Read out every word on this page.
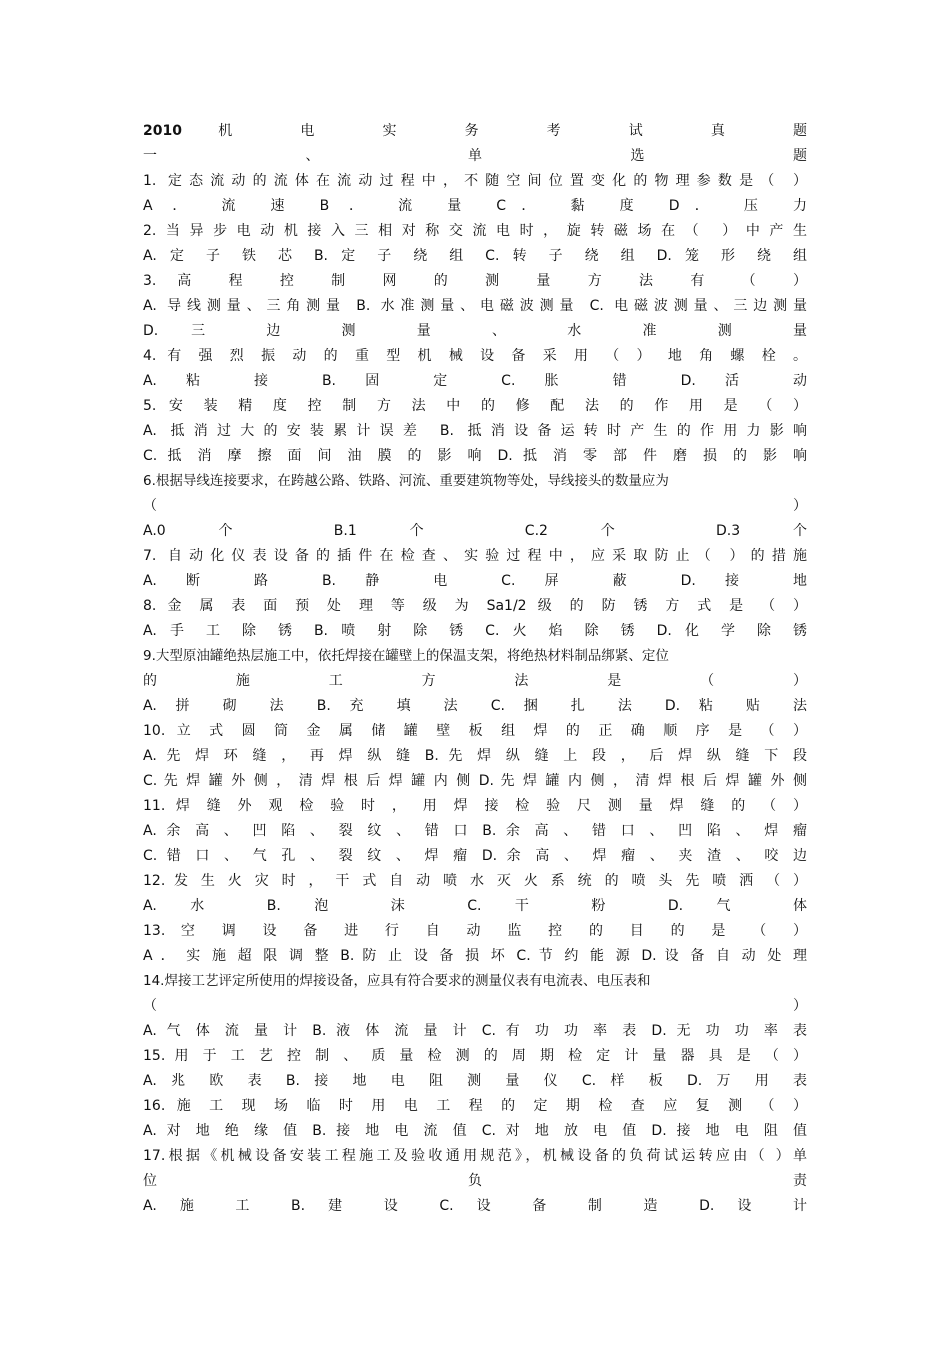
2010 机 电 实 务 考 试 真 题
一 、 单 选 题
1. 定态流动的流体在流动过程中，不随空间位置变化的物理参数是（ ）
A ． 流 速 B ． 流 量 C． 黏 度 D． 压 力
2.当异步电动机接入三相对称交流电时，旋转磁场在（ ）中产生
A. 定 子 铁 芯 B. 定 子 绕 组 C. 转 子 绕 组 D. 笼 形 绕 组
3. 高 程 控 制 网 的 测 量 方 法 有 （ ）
A. 导线测量、三角测量 B. 水准测量、电磁波测量 C. 电磁波测量、三边测量
D. 三 边 测 量 、 水 准 测 量
4. 有 强 烈 振 动 的 重 型 机 械 设 备 采 用 （ ） 地 角 螺 栓 。
A. 粘 接 B. 固 定 C. 胀 错 D. 活 动
5. 安 装 精 度 控 制 方 法 中 的 修 配 法 的 作 用 是 （ ）
A. 抵消过大的安装累计误差 B. 抵消设备运转时产生的作用力影响
C. 抵 消 摩 擦 面 间 油 膜 的 影 响 D. 抵 消 零 部 件 磨 损 的 影 响
6.根据导线连接要求，在跨越公路、铁路、河流、重要建筑物等处，导线接头的数量应为
（ ）
A.0 个 B.1 个 C.2 个 D.3 个
7. 自动化仪表设备的插件在检查、实验过程中，应采取防止（ ）的措施
A. 断 路 B. 静 电 C. 屏 蔽 D. 接 地
8. 金 属 表 面 预 处 理 等 级 为 Sa1/2 级 的 防 锈 方 式 是 （ ）
A. 手 工 除 锈 B. 喷 射 除 锈 C. 火 焰 除 锈 D. 化 学 除 锈
9.大型原油罐绝热层施工中，依托焊接在罐壁上的保温支架，将绝热材料制品绑紧、定位
的 施 工 方 法 是 （ ）
A. 拼 砌 法 B. 充 填 法 C. 捆 扎 法 D. 粘 贴 法
10. 立 式 圆 筒 金 属 储 罐 壁 板 组 焊 的 正 确 顺 序 是 （ ）
A. 先 焊 环 缝 ， 再 焊 纵 缝 B. 先 焊 纵 缝 上 段 ， 后 焊 纵 缝 下 段
C. 先 焊 罐 外 侧 ， 清 焊 根 后 焊 罐 内 侧 D. 先 焊 罐 内 侧 ， 清 焊 根 后 焊 罐 外 侧
11. 焊 缝 外 观 检 验 时 ， 用 焊 接 检 验 尺 测 量 焊 缝 的 （ ）
A. 余 高 、 凹 陷 、 裂 纹 、 错 口 B. 余 高 、 错 口 、 凹 陷 、 焊 瘤
C. 错 口 、 气 孔 、 裂 纹 、 焊 瘤 D. 余 高 、 焊 瘤 、 夹 渣 、 咬 边
12. 发 生 火 灾 时 ， 干 式 自 动 喷 水 灭 火 系 统 的 喷 头 先 喷 洒 （ ）
A. 水 B. 泡 沫 C. 干 粉 D. 气 体
13. 空 调 设 备 进 行 自 动 监 控 的 目 的 是 （ ）
A ． 实 施 超 限 调 整 B. 防 止 设 备 损 坏 C. 节 约 能 源 D. 设 备 自 动 处 理
14.焊接工艺评定所使用的焊接设备，应具有符合要求的测量仪表有电流表、电压表和
（ ）
A. 气 体 流 量 计 B. 液 体 流 量 计 C. 有 功 功 率 表 D. 无 功 功 率 表
15. 用 于 工 艺 控 制 、 质 量 检 测 的 周 期 检 定 计 量 器 具 是 （ ）
A. 兆 欧 表 B. 接 地 电 阻 测 量 仪 C. 样 板 D. 万 用 表
16. 施 工 现 场 临 时 用 电 工 程 的 定 期 检 查 应 复 测 （ ）
A. 对 地 绝 缘 值 B. 接 地 电 流 值 C. 对 地 放 电 值 D. 接 地 电 阻 值
17.根据《机械设备安装工程施工及验收通用规范》，机械设备的负荷试运转应由（ ）单
位 负 责
A. 施 工 B. 建 设 C. 设 备 制 造 D. 设 计
